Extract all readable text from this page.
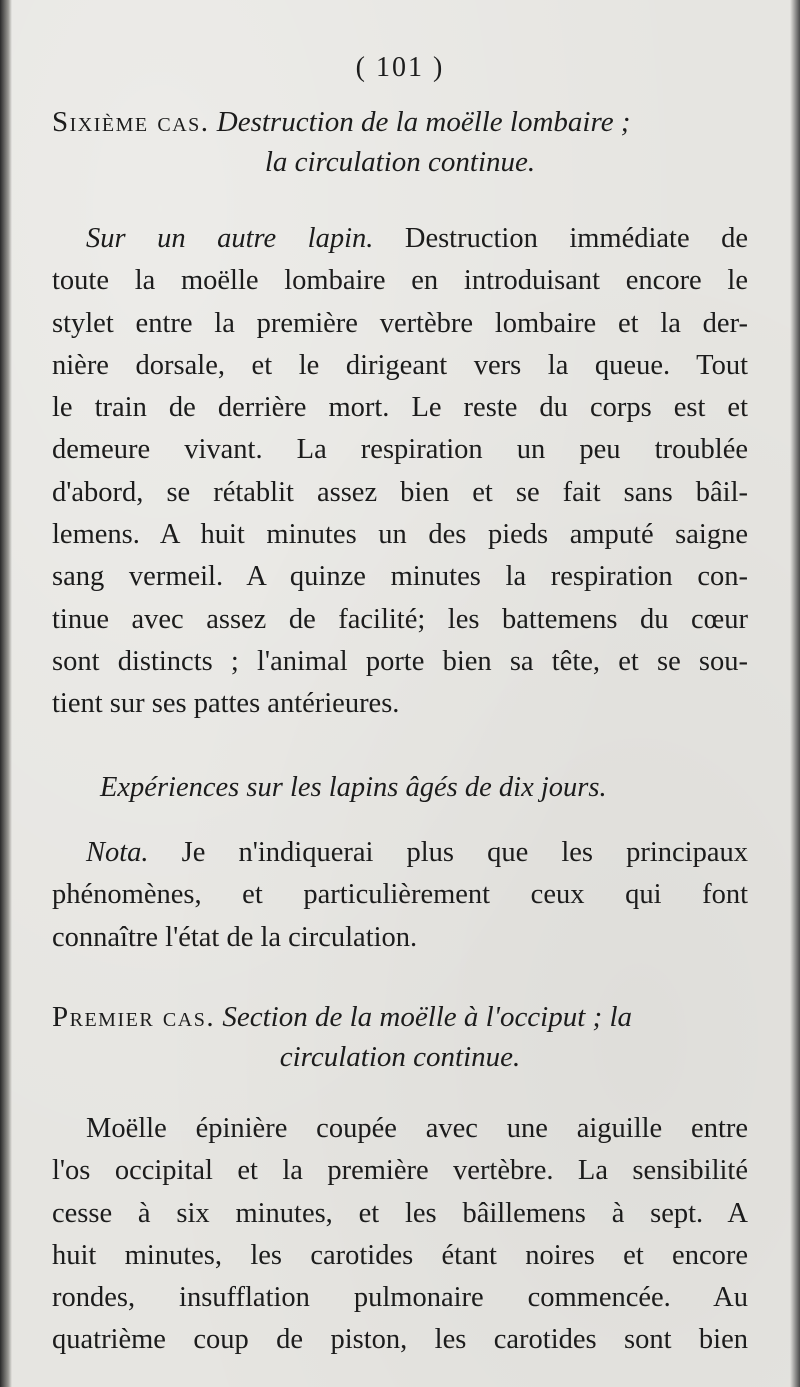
( 101 )
Sixième cas. Destruction de la moëlle lombaire ;
la circulation continue.
Sur un autre lapin. Destruction immédiate de
toute la moëlle lombaire en introduisant encore le
stylet entre la première vertèbre lombaire et la der-
nière dorsale, et le dirigeant vers la queue. Tout
le train de derrière mort. Le reste du corps est et
demeure vivant. La respiration un peu troublée
d'abord, se rétablit assez bien et se fait sans bâil-
lemens. A huit minutes un des pieds amputé saigne
sang vermeil. A quinze minutes la respiration con-
tinue avec assez de facilité; les battemens du cœur
sont distincts ; l'animal porte bien sa tête, et se sou-
tient sur ses pattes antérieures.
Expériences sur les lapins âgés de dix jours.
Nota. Je n'indiquerai plus que les principaux
phénomènes, et particulièrement ceux qui font
connaître l'état de la circulation.
Premier cas. Section de la moëlle à l'occiput ; la
circulation continue.
Moëlle épinière coupée avec une aiguille entre
l'os occipital et la première vertèbre. La sensibilité
cesse à six minutes, et les bâillemens à sept. A
huit minutes, les carotides étant noires et encore
rondes, insufflation pulmonaire commencée. Au
quatrième coup de piston, les carotides sont bien
